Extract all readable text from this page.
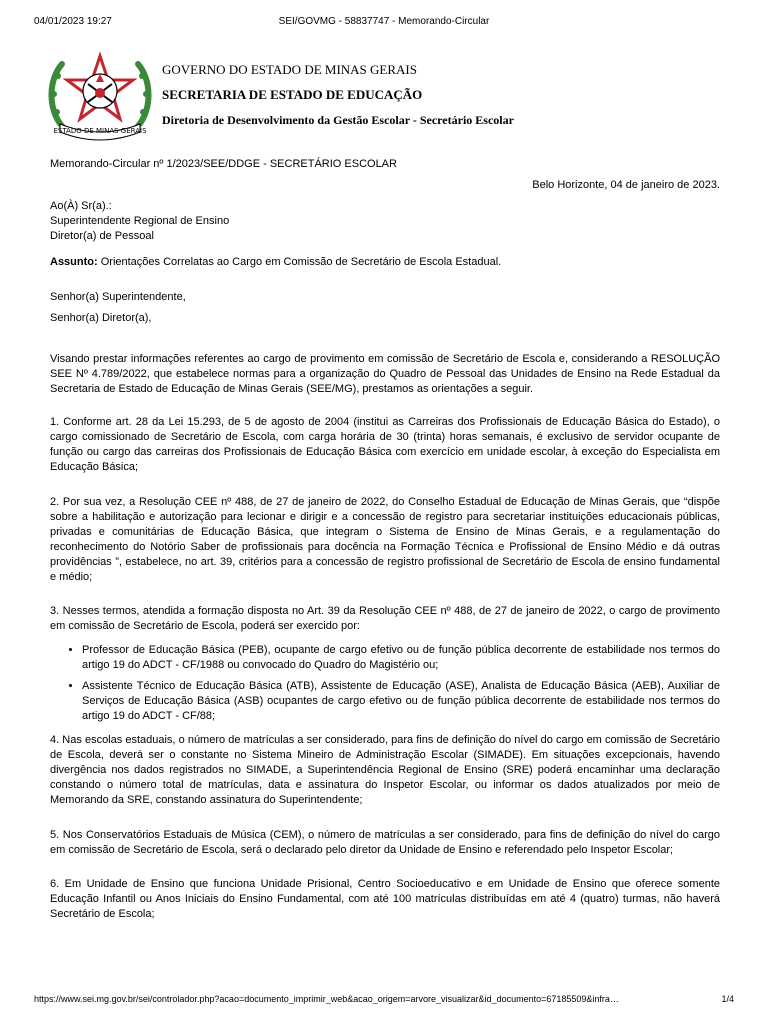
04/01/2023 19:27	SEI/GOVMG - 58837747 - Memorando-Circular
ESTADO DE MINAS GERAIS
GOVERNO DO ESTADO DE MINAS GERAIS
SECRETARIA DE ESTADO DE EDUCAÇÃO
Diretoria de Desenvolvimento da Gestão Escolar - Secretário Escolar

Memorando-Circular nº 1/2023/SEE/DDGE - SECRETÁRIO ESCOLAR

Belo Horizonte, 04 de janeiro de 2023.

Ao(À) Sr(a).:
Superintendente Regional de Ensino
Diretor(a) de Pessoal

Assunto: Orientações Correlatas ao Cargo em Comissão de Secretário de Escola Estadual.

Senhor(a) Superintendente,

Senhor(a) Diretor(a),

Visando prestar informações referentes ao cargo de provimento em comissão de Secretário de Escola e, considerando a RESOLUÇÃO SEE Nº 4.789/2022, que estabelece normas para a organização do Quadro de Pessoal das Unidades de Ensino na Rede Estadual da Secretaria de Estado de Educação de Minas Gerais (SEE/MG), prestamos as orientações a seguir.

1. Conforme art. 28 da Lei 15.293, de 5 de agosto de 2004 (institui as Carreiras dos Profissionais de Educação Básica do Estado), o cargo comissionado de Secretário de Escola, com carga horária de 30 (trinta) horas semanais, é exclusivo de servidor ocupante de função ou cargo das carreiras dos Profissionais de Educação Básica com exercício em unidade escolar, à exceção do Especialista em Educação Básica;

2. Por sua vez, a Resolução CEE nº 488, de 27 de janeiro de 2022, do Conselho Estadual de Educação de Minas Gerais, que “dispõe sobre a habilitação e autorização para lecionar e dirigir e a concessão de registro para secretariar instituições educacionais públicas, privadas e comunitárias de Educação Básica, que integram o Sistema de Ensino de Minas Gerais, e a regulamentação do reconhecimento do Notório Saber de profissionais para docência na Formação Técnica e Profissional de Ensino Médio e dá outras providências ”, estabelece, no art. 39, critérios para a concessão de registro profissional de Secretário de Escola de ensino fundamental e médio;

3. Nesses termos, atendida a formação disposta no Art. 39 da Resolução CEE nº 488, de 27 de janeiro de 2022, o cargo de provimento em comissão de Secretário de Escola, poderá ser exercido por:

• Professor de Educação Básica (PEB), ocupante de cargo efetivo ou de função pública decorrente de estabilidade nos termos do artigo 19 do ADCT - CF/1988 ou convocado do Quadro do Magistério ou;
• Assistente Técnico de Educação Básica (ATB), Assistente de Educação (ASE), Analista de Educação Básica (AEB), Auxiliar de Serviços de Educação Básica (ASB) ocupantes de cargo efetivo ou de função pública decorrente de estabilidade nos termos do artigo 19 do ADCT - CF/88;

4. Nas escolas estaduais, o número de matrículas a ser considerado, para fins de definição do nível do cargo em comissão de Secretário de Escola, deverá ser o constante no Sistema Mineiro de Administração Escolar (SIMADE). Em situações excepcionais, havendo divergência nos dados registrados no SIMADE, a Superintendência Regional de Ensino (SRE) poderá encaminhar uma declaração constando o número total de matrículas, data e assinatura do Inspetor Escolar, ou informar os dados atualizados por meio de Memorando da SRE, constando assinatura do Superintendente;

5. Nos Conservatórios Estaduais de Música (CEM), o número de matrículas a ser considerado, para fins de definição do nível do cargo em comissão de Secretário de Escola, será o declarado pelo diretor da Unidade de Ensino e referendado pelo Inspetor Escolar;

6. Em Unidade de Ensino que funciona Unidade Prisional, Centro Socioeducativo e em Unidade de Ensino que oferece somente Educação Infantil ou Anos Iniciais do Ensino Fundamental, com até 100 matrículas distribuídas em até 4 (quatro) turmas, não haverá Secretário de Escola;

https://www.sei.mg.gov.br/sei/controlador.php?acao=documento_imprimir_web&acao_origem=arvore_visualizar&id_documento=67185509&infra…	1/4
